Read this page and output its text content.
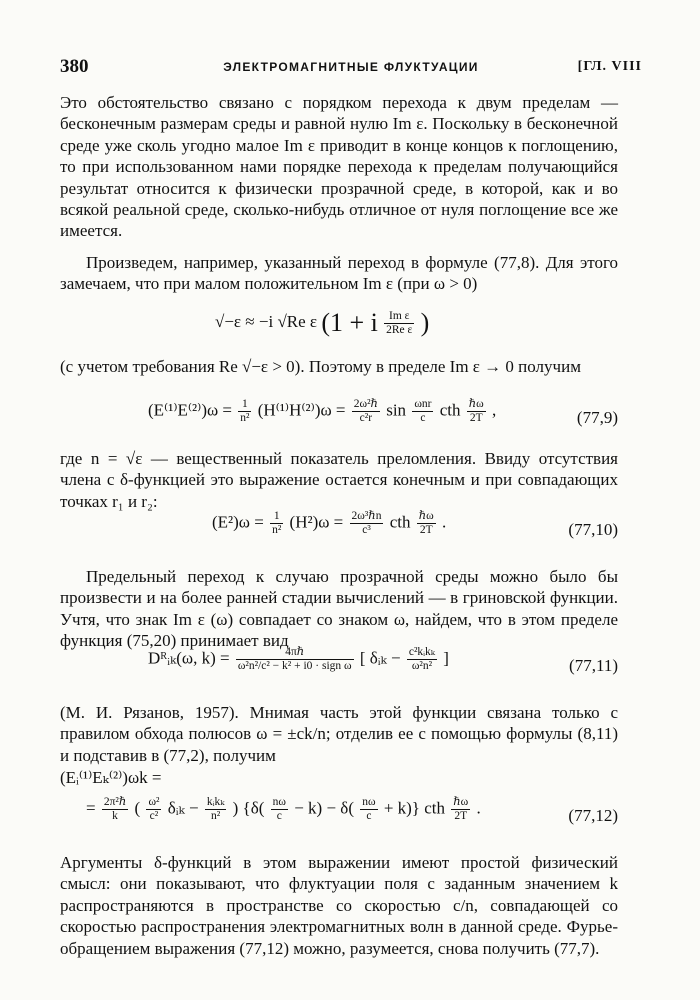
380	ЭЛЕКТРОМАГНИТНЫЕ ФЛУКТУАЦИИ	[ГЛ. VIII

Это обстоятельство связано с порядком перехода к двум пределам — бесконечным размерам среды и равной нулю Im ε. Поскольку в бесконечной среде уже сколь угодно малое Im ε приводит в конце концов к поглощению, то при использованном нами порядке перехода к пределам получающийся результат относится к физически прозрачной среде, в которой, как и во всякой реальной среде, сколько-нибудь отличное от нуля поглощение все же имеется.

Произведем, например, указанный переход в формуле (77,8). Для этого замечаем, что при малом положительном Im ε (при ω > 0)

√−ε ≈ −i √Re ε (1 + i $\frac{\text{Im ε}}{\text{2Re ε}}$ )

(с учетом требования Re √−ε > 0). Поэтому в пределе Im ε → 0 получим

$(E^{(1)}E^{(2)})\omega = \frac{1}{\text{n²}} (H^{(1)}H^{(2)})\omega = \frac{\text{2ω²ℏ}}{\text{c²r}}$ $\sin \frac{\text{ωnr}}{c}$ cth $\frac{\text{ℏω}}{2T}$ ,	(77,9)

где n = √ε — вещественный показатель преломления. Ввиду отсутствия члена с δ-функцией это выражение остается конечным и при совпадающих точках r₁ и r₂:

$(E^2)\omega = \frac{1}{\text{n²}} (H^2)\omega = \frac{\text{2ω³ℏn}}{\text{c³}}$ cth $\frac{\text{ℏω}}{2T}$ .	(77,10)

Предельный переход к случаю прозрачной среды можно было бы произвести и на более ранней стадии вычислений — в гриновской функции. Учтя, что знак Im ε (ω) совпадает со знаком ω, найдем, что в этом пределе функция (75,20) принимает вид

Dᴿᵢₖ(ω, $k) = \frac{\text{4πℏ}}{\text{ω²n²/c² − k² + i0 · sign ω}}$ [ δᵢₖ − $\frac{\text{c²kᵢkₖ}}{\text{ω²n²}}$ ]	(77,11)

(М. И. Рязанов, 1957). Мнимая часть этой функции связана только с правилом обхода полюсов ω = ±ck/n; отделив ее с помощью формулы (8,11) и подставив в (77,2), получим

(Eᵢ⁽¹⁾Eₖ⁽²⁾)ωk =
= $\frac{\text{2π²ℏ}}{k}$ ( $\frac{\text{ω²}}{\text{c²}}$ δᵢₖ − $\frac{\text{kᵢkₖ}}{\text{n²}}$ ) $\{\delta( \frac{n\omega}{c} - k) - \delta( \frac{n\omega}{c} + k)\}$ cth $\frac{\text{ℏω}}{2T}$ .	(77,12)

Аргументы δ-функций в этом выражении имеют простой физический смысл: они показывают, что флуктуации поля с заданным значением k распространяются в пространстве со скоростью c/n, совпадающей со скоростью распространения электромагнитных волн в данной среде. Фурье-обращением выражения (77,12) можно, разумеется, снова получить (77,7).
